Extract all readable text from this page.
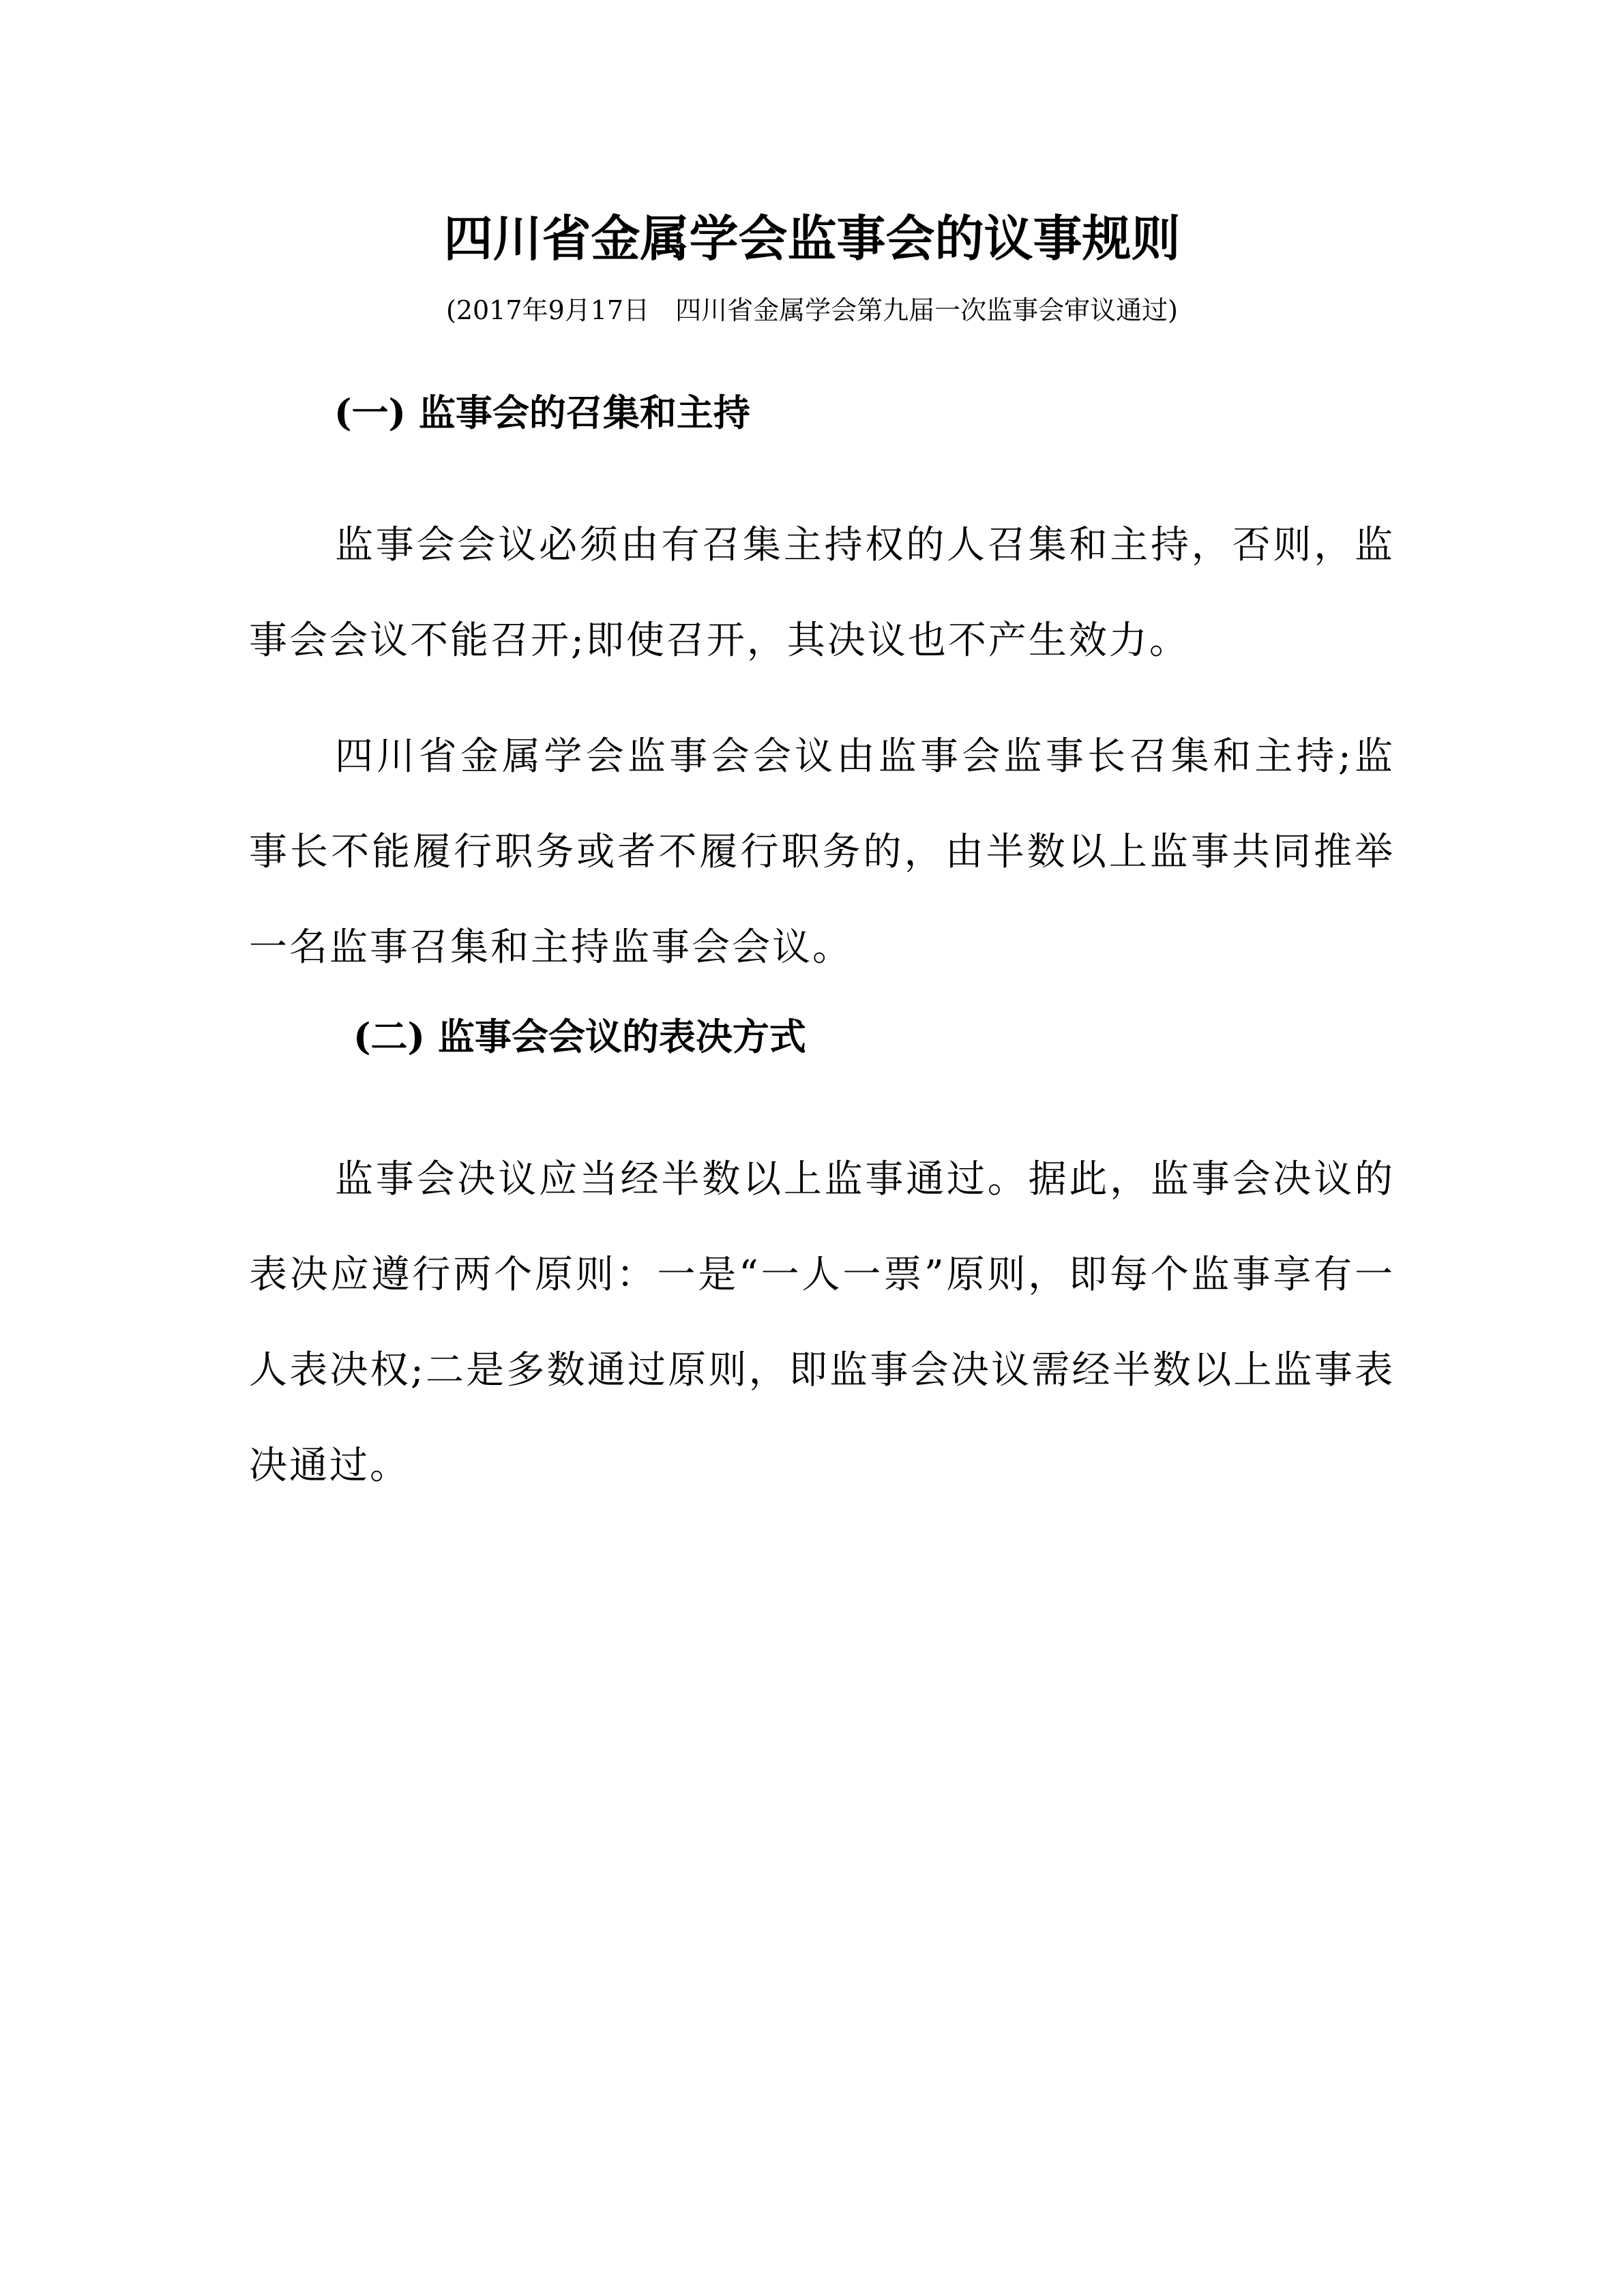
四川省金属学会监事会的议事规则
(2017年9月17日　四川省金属学会第九届一次监事会审议通过)
(一) 监事会的召集和主持

监事会会议必须由有召集主持权的人召集和主持，否则，监事会会议不能召开;即使召开，其决议也不产生效力。

四川省金属学会监事会会议由监事会监事长召集和主持;监事长不能履行职务或者不履行职务的，由半数以上监事共同推举一名监事召集和主持监事会会议。

(二) 监事会会议的表决方式

监事会决议应当经半数以上监事通过。据此，监事会决议的表决应遵行两个原则：一是“一人一票”原则，即每个监事享有一人表决权;二是多数通过原则，即监事会决议需经半数以上监事表决通过。
